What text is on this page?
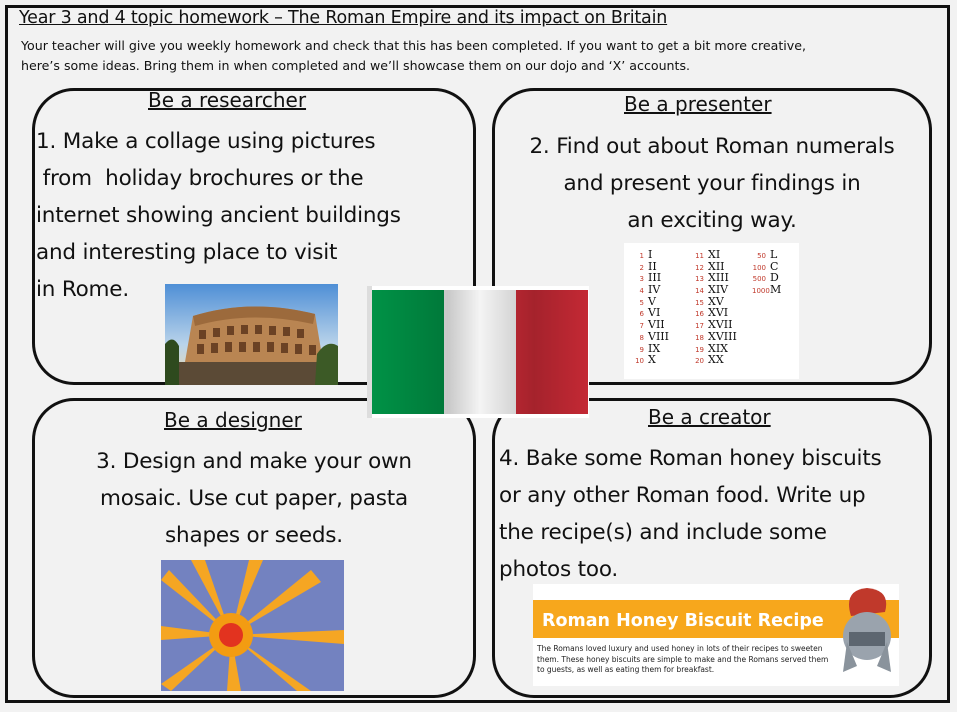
Year 3 and 4 topic homework – The Roman Empire and its impact on Britain
Your teacher will give you weekly homework and check that this has been completed. If you want to get a bit more creative,
here’s some ideas. Bring them in when completed and we’ll showcase them on our dojo and ‘X’ accounts.
Be a researcher
1. Make a collage using pictures
from  holiday brochures or the
internet showing ancient buildings
and interesting place to visit
in Rome.
Be a presenter
2. Find out about Roman numerals
and present your findings in
an exciting way.
Be a designer
3. Design and make your own
mosaic. Use cut paper, pasta
shapes or seeds.
Be a creator
4. Bake some Roman honey biscuits
or any other Roman food. Write up
the recipe(s) and include some
photos too.
1 I
2 II
3 III
4 IV
5 V
6 VI
7 VII
8 VIII
9 IX
10 X
11 XI
12 XII
13 XIII
14 XIV
15 XV
16 XVI
17 XVII
18 XVIII
19 XIX
20 XX
50 L
100 C
500 D
1000M
Roman Honey Biscuit Recipe
The Romans loved luxury and used honey in lots of their recipes to sweeten them. These honey biscuits are simple to make and the Romans served them to guests, as well as eating them for breakfast.
